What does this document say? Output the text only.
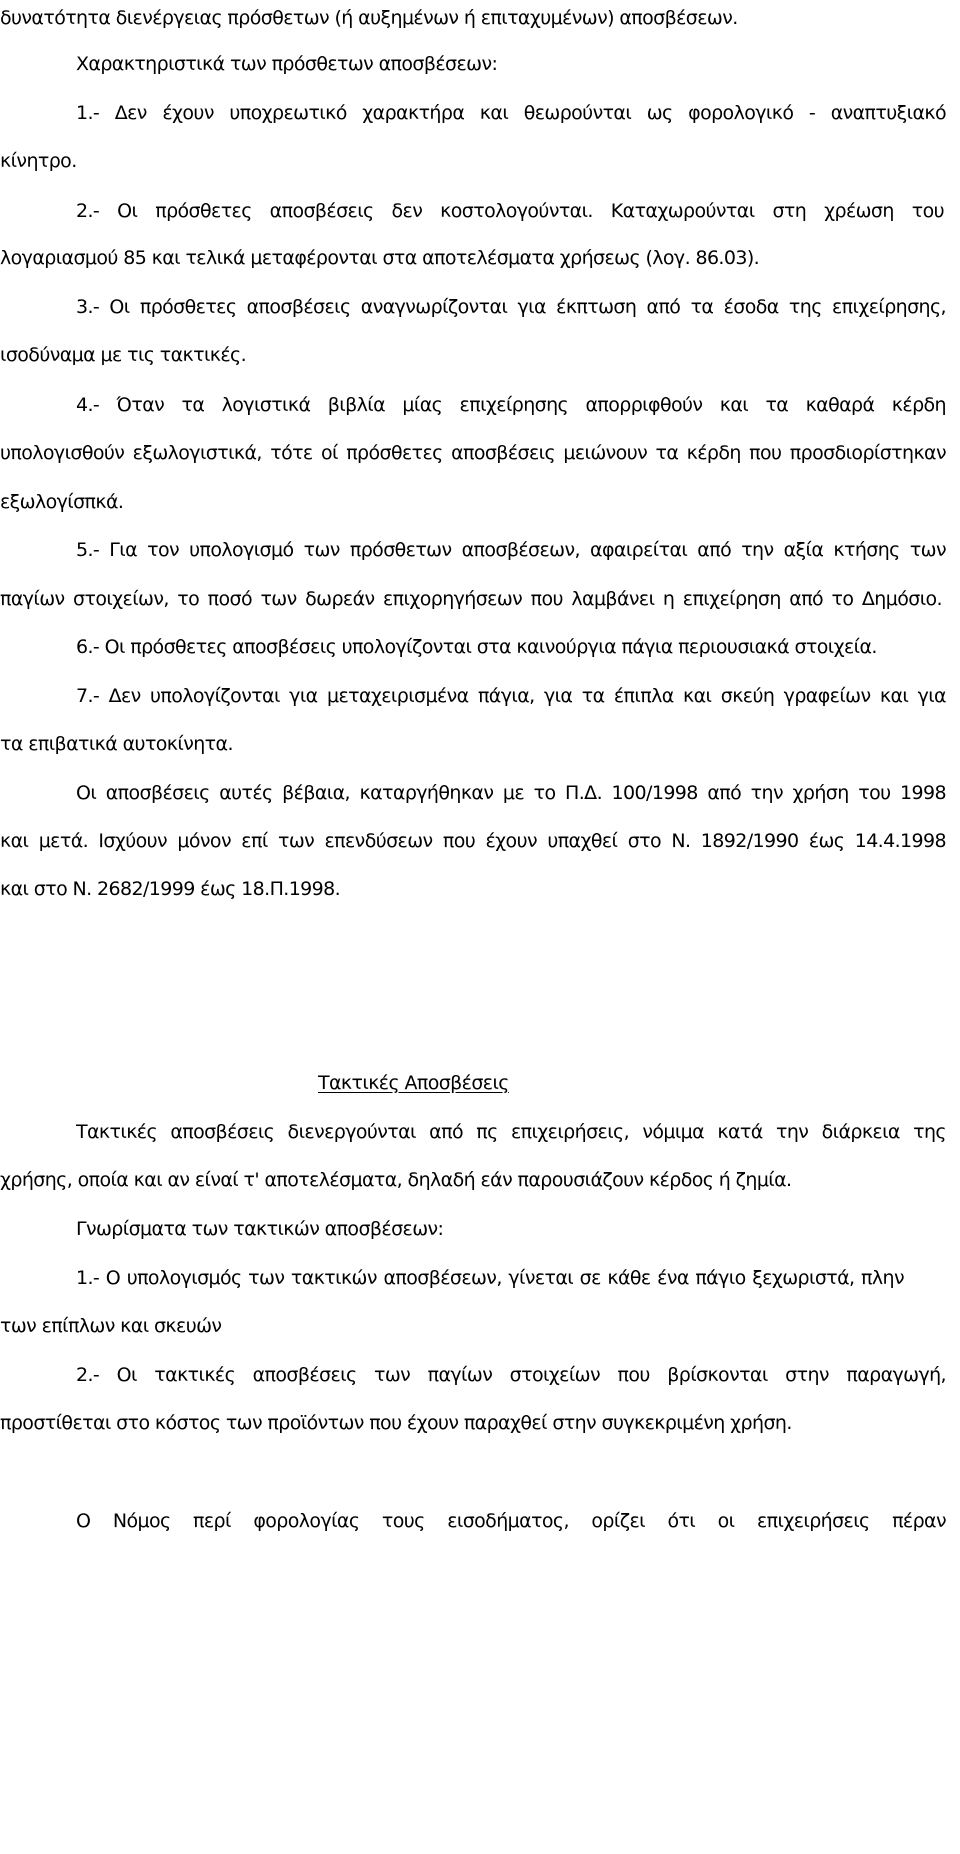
δυνατότητα διενέργειας πρόσθετων (ή αυξημένων ή επιταχυμένων) αποσβέσεων.
Χαρακτηριστικά των πρόσθετων αποσβέσεων:
1.- Δεν έχουν υποχρεωτικό χαρακτήρα και θεωρούνται ως φορολογικό - αναπτυξιακό
κίνητρο.
2.- Οι πρόσθετες αποσβέσεις δεν κοστολογούνται. Καταχωρούνται στη χρέωση του
λογαριασμού 85 και τελικά μεταφέρονται στα αποτελέσματα χρήσεως (λογ. 86.03).
3.- Οι πρόσθετες αποσβέσεις αναγνωρίζονται για έκπτωση από τα έσοδα της επιχείρησης,
ισοδύναμα με τις τακτικές.
4.- Όταν τα λογιστικά βιβλία μίας επιχείρησης απορριφθούν και τα καθαρά κέρδη
υπολογισθούν εξωλογιστικά, τότε οί πρόσθετες αποσβέσεις μειώνουν τα κέρδη που προσδιορίστηκαν
εξωλογίσπκά.
5.- Για τον υπολογισμό των πρόσθετων αποσβέσεων, αφαιρείται από την αξία κτήσης των
παγίων στοιχείων, το ποσό των δωρεάν επιχορηγήσεων που λαμβάνει η επιχείρηση από το Δημόσιο.
6.- Οι πρόσθετες αποσβέσεις υπολογίζονται στα καινούργια πάγια περιουσιακά στοιχεία.
7.- Δεν υπολογίζονται για μεταχειρισμένα πάγια, για τα έπιπλα και σκεύη γραφείων και για
τα επιβατικά αυτοκίνητα.
Οι αποσβέσεις αυτές βέβαια, καταργήθηκαν με το Π.Δ. 100/1998 από την χρήση του 1998
και μετά. Ισχύουν μόνον επί των επενδύσεων που έχουν υπαχθεί στο Ν. 1892/1990 έως 14.4.1998
και στο Ν. 2682/1999 έως 18.Π.1998.
Τακτικές Αποσβέσεις
Τακτικές αποσβέσεις διενεργούνται από πς επιχειρήσεις, νόμιμα κατά την διάρκεια της
χρήσης, οποία και αν είναί τ' αποτελέσματα, δηλαδή εάν παρουσιάζουν κέρδος ή ζημία.
Γνωρίσματα των τακτικών αποσβέσεων:
1.- Ο υπολογισμός των τακτικών αποσβέσεων, γίνεται σε κάθε ένα πάγιο ξεχωριστά, πλην
των επίπλων και σκευών
2.- Οι τακτικές αποσβέσεις των παγίων στοιχείων που βρίσκονται στην παραγωγή,
προστίθεται στο κόστος των προϊόντων που έχουν παραχθεί στην συγκεκριμένη χρήση.
Ο Νόμος περί φορολογίας τους εισοδήματος, ορίζει ότι οι επιχειρήσεις πέραν
